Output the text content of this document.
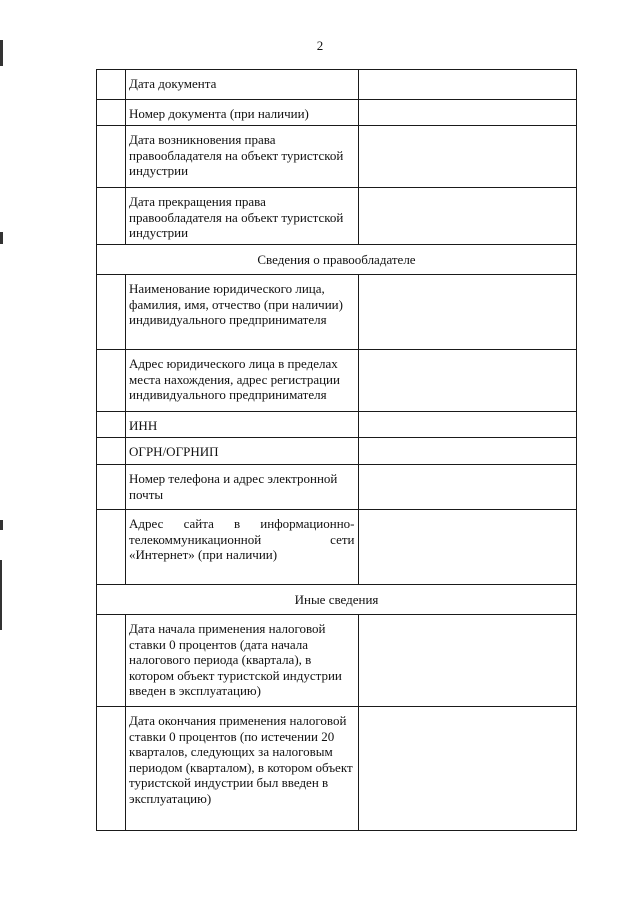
2
	Дата документа	
	Номер документа (при наличии)	
	Дата возникновения права правообладателя на объект туристской индустрии	
	Дата прекращения права правообладателя на объект туристской индустрии	
Сведения о правообладателе		
	Наименование юридического лица, фамилия, имя, отчество (при наличии) индивидуального предпринимателя	
	Адрес юридического лица в пределах места нахождения, адрес регистрации индивидуального предпринимателя	
	ИНН	
	ОГРН/ОГРНИП	
	Номер телефона и адрес электронной почты	
	Адрес сайта в информационно-телекоммуникационной сети «Интернет» (при наличии)	
Иные сведения		
	Дата начала применения налоговой ставки 0 процентов (дата начала налогового периода (квартала), в котором объект туристской индустрии введен в эксплуатацию)	
	Дата окончания применения налоговой ставки 0 процентов (по истечении 20 кварталов, следующих за налоговым периодом (кварталом), в котором объект туристской индустрии был введен в эксплуатацию)	
